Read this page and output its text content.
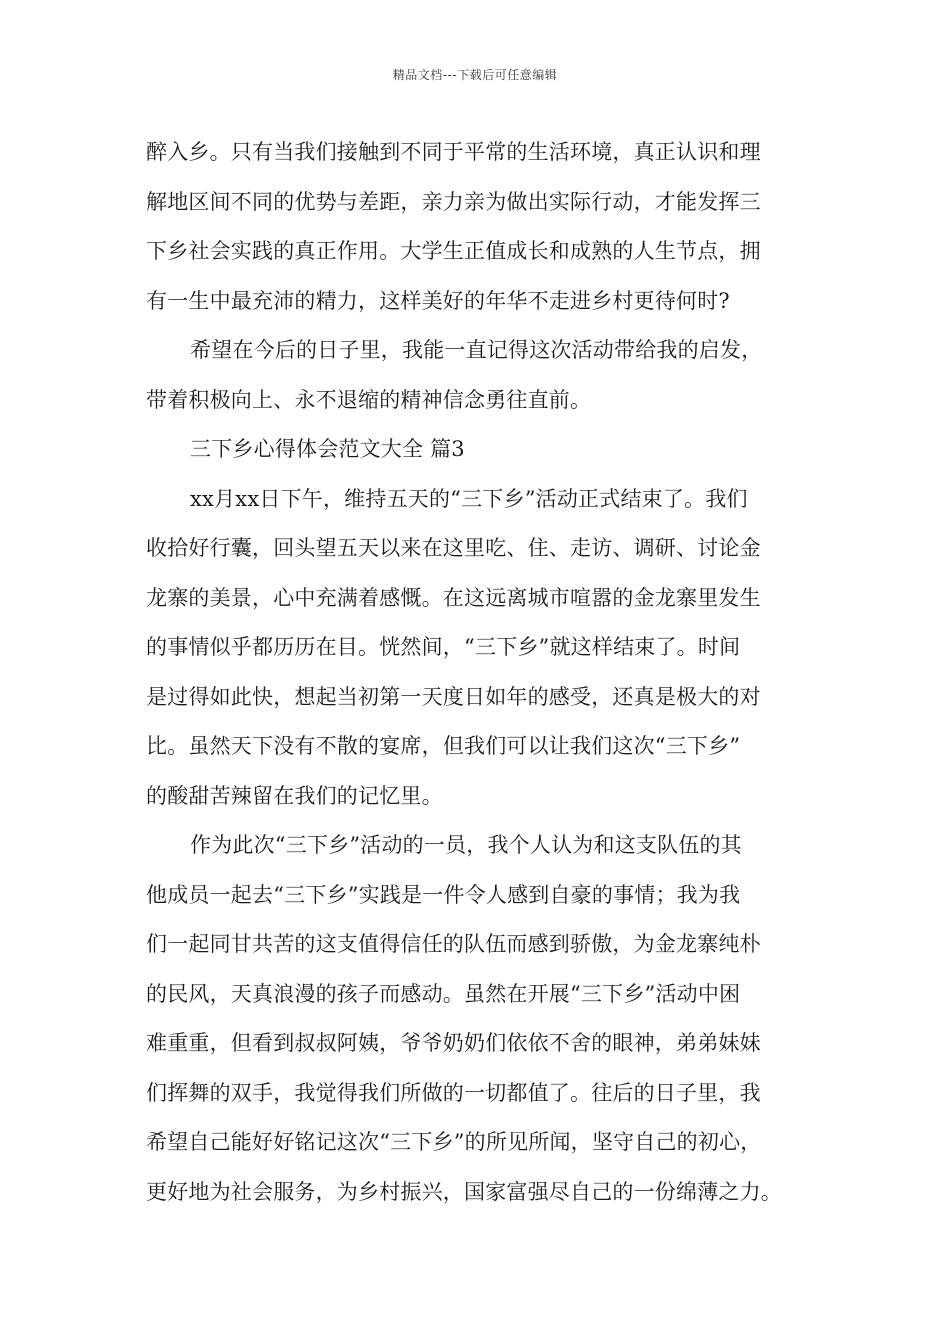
精品文档---下载后可任意编辑
醉入乡。只有当我们接触到不同于平常的生活环境，真正认识和理
解地区间不同的优势与差距，亲力亲为做出实际行动，才能发挥三
下乡社会实践的真正作用。大学生正值成长和成熟的人生节点，拥
有一生中最充沛的精力，这样美好的年华不走进乡村更待何时?
希望在今后的日子里，我能一直记得这次活动带给我的启发，
带着积极向上、永不退缩的精神信念勇往直前。
三下乡心得体会范文大全 篇3
xx月xx日下午，维持五天的“三下乡”活动正式结束了。我们
收拾好行囊，回头望五天以来在这里吃、住、走访、调研、讨论金
龙寨的美景，心中充满着感慨。在这远离城市喧嚣的金龙寨里发生
的事情似乎都历历在目。恍然间，“三下乡”就这样结束了。时间
是过得如此快，想起当初第一天度日如年的感受，还真是极大的对
比。虽然天下没有不散的宴席，但我们可以让我们这次“三下乡”
的酸甜苦辣留在我们的记忆里。
作为此次“三下乡”活动的一员，我个人认为和这支队伍的其
他成员一起去“三下乡”实践是一件令人感到自豪的事情；我为我
们一起同甘共苦的这支值得信任的队伍而感到骄傲，为金龙寨纯朴
的民风，天真浪漫的孩子而感动。虽然在开展“三下乡”活动中困
难重重，但看到叔叔阿姨，爷爷奶奶们依依不舍的眼神，弟弟妹妹
们挥舞的双手，我觉得我们所做的一切都值了。往后的日子里，我
希望自己能好好铭记这次“三下乡”的所见所闻，坚守自己的初心，
更好地为社会服务，为乡村振兴，国家富强尽自己的一份绵薄之力。
